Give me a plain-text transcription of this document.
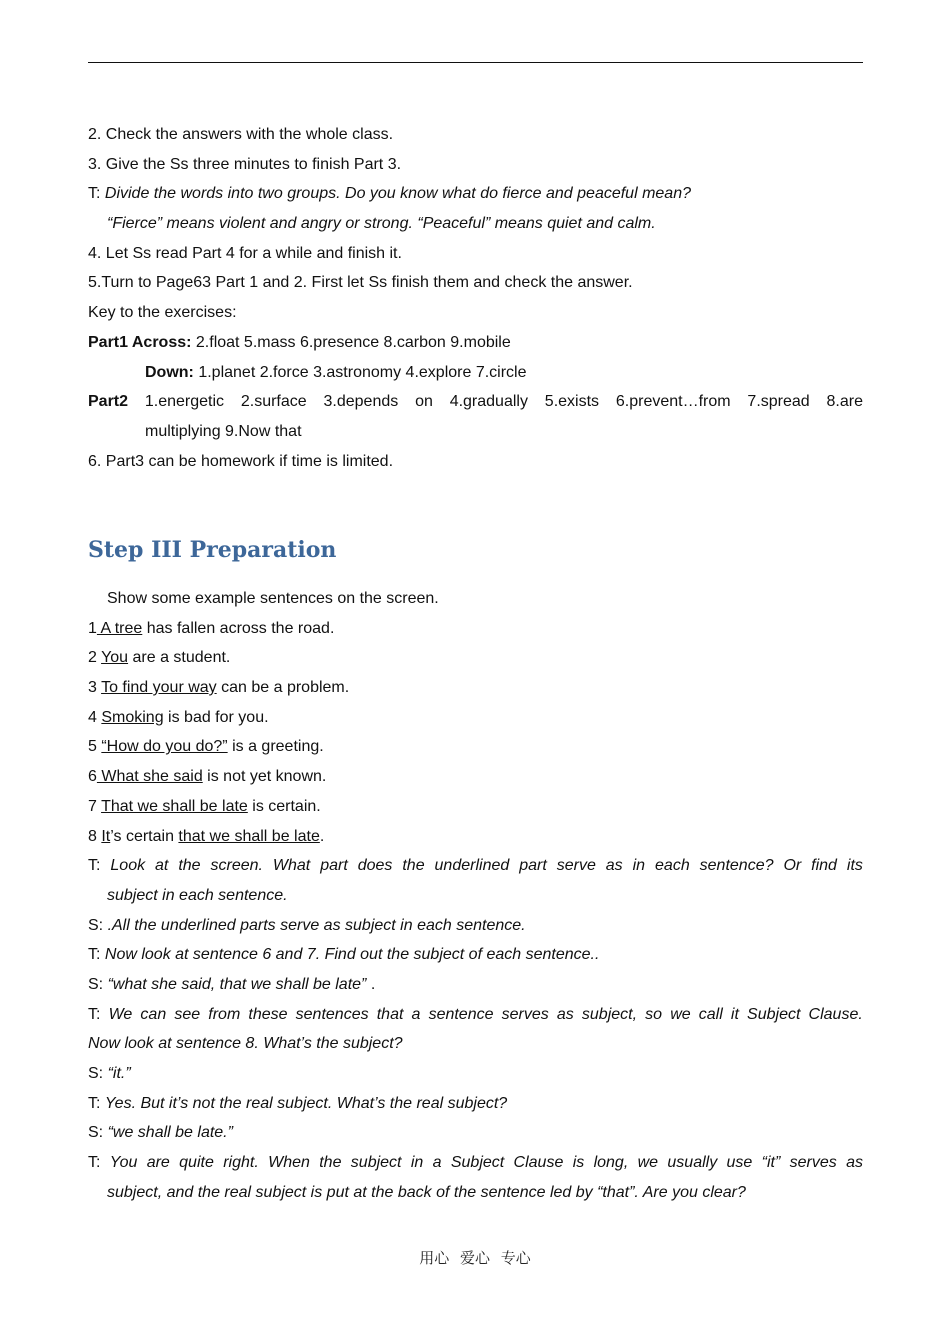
2. Check the answers with the whole class.
3. Give the Ss three minutes to finish Part 3.
T: Divide the words into two groups. Do you know what do fierce and peaceful mean?
“Fierce” means violent and angry or strong. “Peaceful” means quiet and calm.
4. Let Ss read Part 4 for a while and finish it.
5.Turn to Page63 Part 1 and 2. First let Ss finish them and check the answer.
Key to the exercises:
Part1 Across: 2.float 5.mass 6.presence 8.carbon 9.mobile
Down: 1.planet 2.force 3.astronomy 4.explore 7.circle
Part2 1.energetic 2.surface 3.depends on 4.gradually 5.exists 6.prevent…from 7.spread 8.are
multiplying 9.Now that
6. Part3 can be homework if time is limited.
Step III Preparation
Show some example sentences on the screen.
1 A tree has fallen across the road.
2 You are a student.
3 To find your way can be a problem.
4 Smoking is bad for you.
5 “How do you do?” is a greeting.
6 What she said is not yet known.
7 That we shall be late is certain.
8 It’s certain that we shall be late.
T: Look at the screen. What part does the underlined part serve as in each sentence? Or find its
subject in each sentence.
S: .All the underlined parts serve as subject in each sentence.
T: Now look at sentence 6 and 7. Find out the subject of each sentence..
S: “what she said, that we shall be late” .
T: We can see from these sentences that a sentence serves as subject, so we call it Subject Clause.
Now look at sentence 8. What’s the subject?
S: “it.”
T: Yes. But it’s not the real subject. What’s the real subject?
S: “we shall be late.”
T: You are quite right. When the subject in a Subject Clause is long, we usually use “it” serves as
subject, and the real subject is put at the back of the sentence led by “that”. Are you clear?
用心 爱心 专心
